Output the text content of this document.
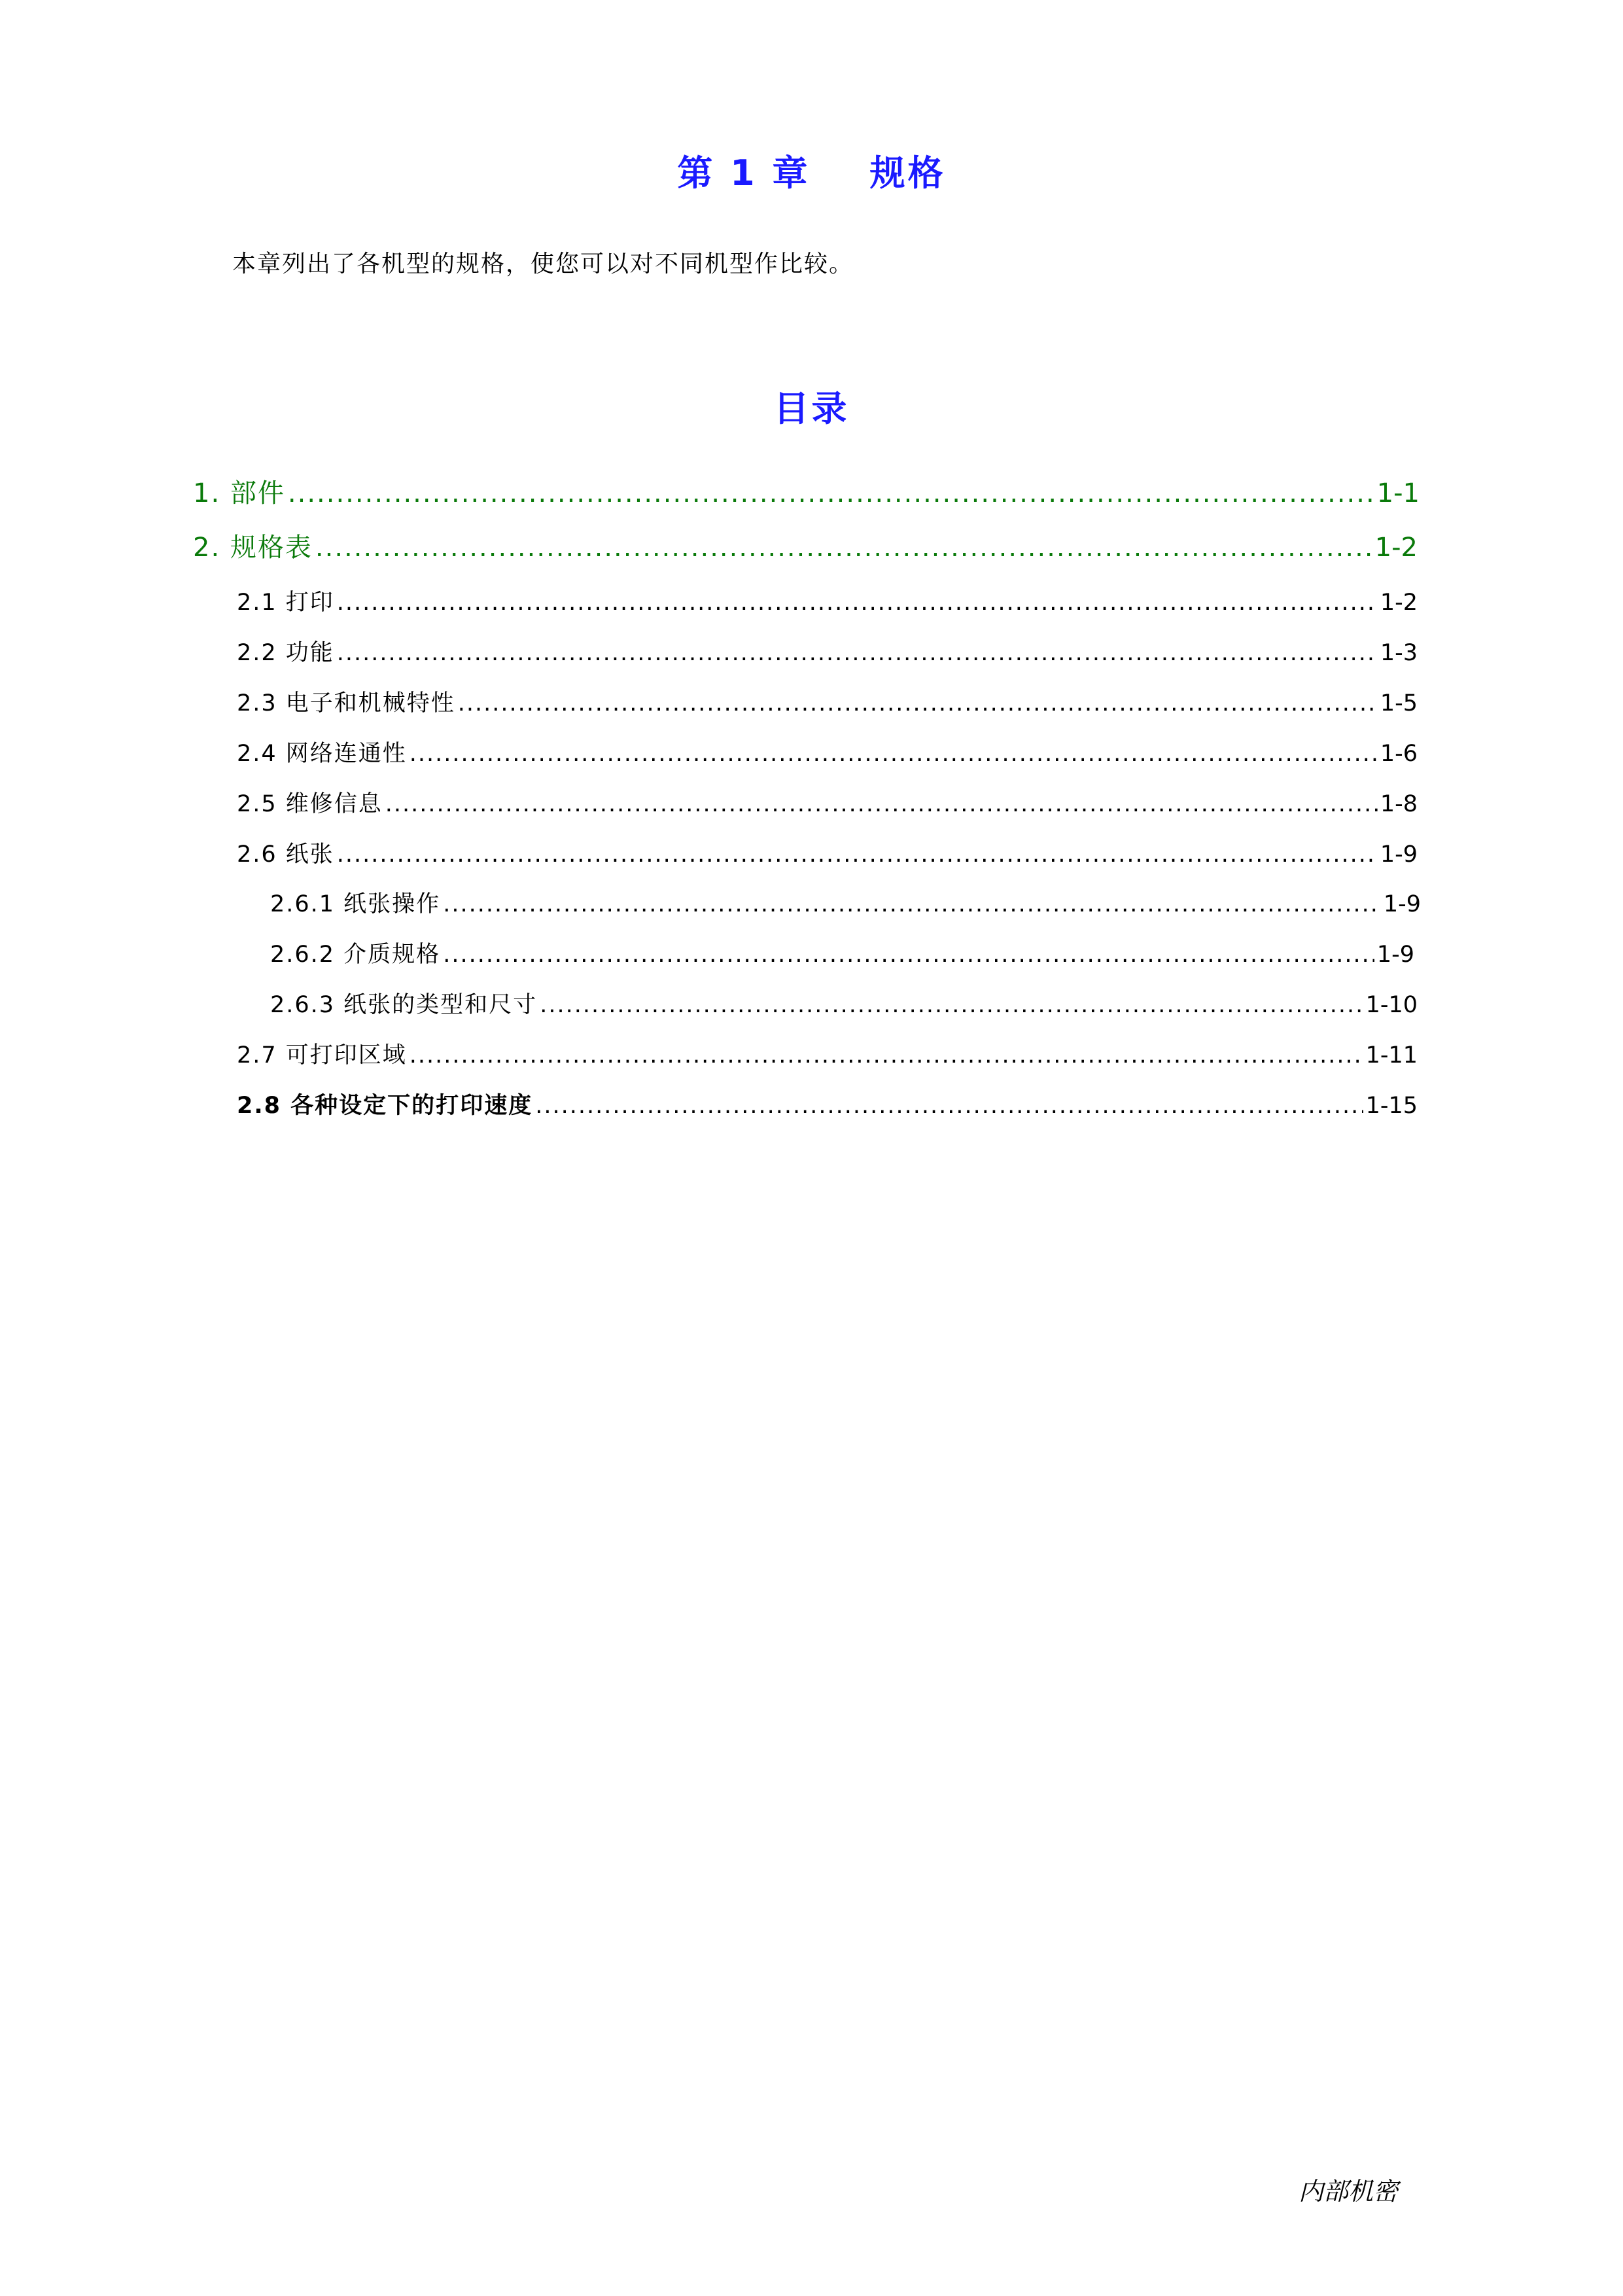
第 1 章    规格
本章列出了各机型的规格，使您可以对不同机型作比较。
目录
1. 部件 .....	1-1
2. 规格表 .....	1-2
2.1 打印 .....	1-2
2.2 功能 .....	1-3
2.3 电子和机械特性 .....	1-5
2.4 网络连通性 .....	1-6
2.5 维修信息 .....	1-8
2.6 纸张 .....	1-9
2.6.1 纸张操作 .....	1-9
2.6.2 介质规格 .....	1-9
2.6.3 纸张的类型和尺寸 .....	1-10
2.7 可打印区域 .....	1-11
2.8 各种设定下的打印速度 .....	1-15
内部机密
